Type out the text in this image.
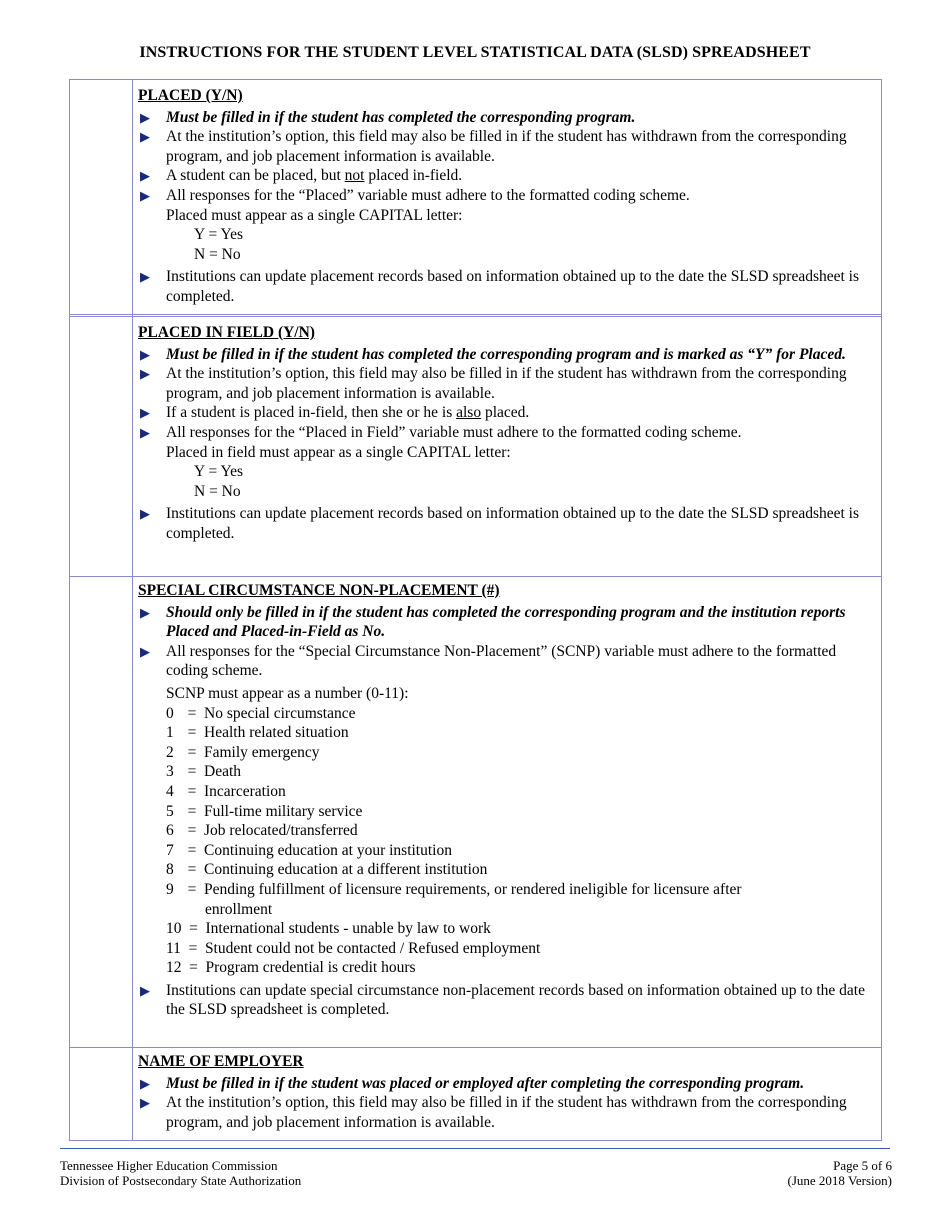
INSTRUCTIONS FOR THE STUDENT LEVEL STATISTICAL DATA (SLSD) SPREADSHEET
PLACED (Y/N)
▶ Must be filled in if the student has completed the corresponding program.
▶ At the institution’s option, this field may also be filled in if the student has withdrawn from the corresponding program, and job placement information is available.
▶ A student can be placed, but not placed in-field.
▶ All responses for the “Placed” variable must adhere to the formatted coding scheme.
Placed must appear as a single CAPITAL letter:
Y = Yes
N = No
▶ Institutions can update placement records based on information obtained up to the date the SLSD spreadsheet is completed.
PLACED IN FIELD (Y/N)
▶ Must be filled in if the student has completed the corresponding program and is marked as “Y” for Placed.
▶ At the institution’s option, this field may also be filled in if the student has withdrawn from the corresponding program, and job placement information is available.
▶ If a student is placed in-field, then she or he is also placed.
▶ All responses for the “Placed in Field” variable must adhere to the formatted coding scheme.
Placed in field must appear as a single CAPITAL letter:
Y = Yes
N = No
▶ Institutions can update placement records based on information obtained up to the date the SLSD spreadsheet is completed.
SPECIAL CIRCUMSTANCE NON-PLACEMENT (#)
▶ Should only be filled in if the student has completed the corresponding program and the institution reports Placed and Placed-in-Field as No.
▶ All responses for the “Special Circumstance Non-Placement” (SCNP) variable must adhere to the formatted coding scheme.
SCNP must appear as a number (0-11):
0 = No special circumstance
1 = Health related situation
2 = Family emergency
3 = Death
4 = Incarceration
5 = Full-time military service
6 = Job relocated/transferred
7 = Continuing education at your institution
8 = Continuing education at a different institution
9 = Pending fulfillment of licensure requirements, or rendered ineligible for licensure after
enrollment
10 = International students - unable by law to work
11 = Student could not be contacted / Refused employment
12 = Program credential is credit hours
▶ Institutions can update special circumstance non-placement records based on information obtained up to the date the SLSD spreadsheet is completed.
NAME OF EMPLOYER
▶ Must be filled in if the student was placed or employed after completing the corresponding program.
▶ At the institution’s option, this field may also be filled in if the student has withdrawn from the corresponding program, and job placement information is available.
Tennessee Higher Education Commission
Division of Postsecondary State Authorization
Page 5 of 6
(June 2018 Version)
